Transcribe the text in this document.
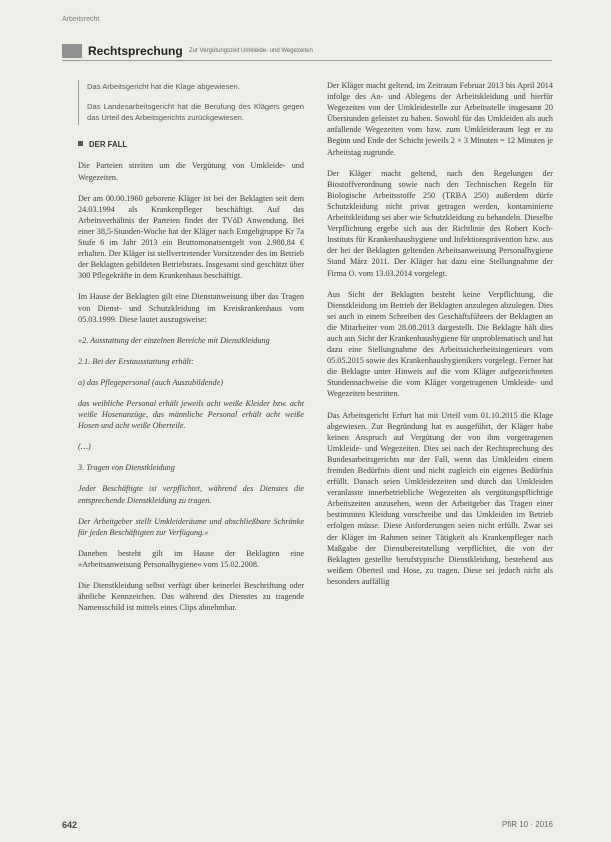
Arbeitsrecht
Rechtsprechung Zur Vergütungszeit Umkleide- und Wegezeiten

Das Arbeitsgericht hat die Klage abgewiesen.

Das Landesarbeitsgericht hat die Berufung des Klägers gegen das Urteil des Arbeitsgerichts zurückgewiesen.

DER FALL

Die Parteien streiten um die Vergütung von Umkleide- und Wegezeiten.

Der am 00.00.1960 geborene Kläger ist bei der Beklagten seit dem 24.03.1994 als Krankenpfleger beschäftigt. Auf das Arbeitsverhältnis der Parteien findet der TVöD Anwendung. Bei einer 38,5-Stunden-Woche hat der Kläger nach Entgeltgruppe Kr 7a Stufe 6 im Jahr 2013 ein Bruttomonatsentgelt von 2.980,84 € erhalten. Der Kläger ist stellvertretender Vorsitzender des im Betrieb der Beklagten gebildeten Betriebsrats. Insgesamt sind geschätzt über 300 Pflegekräfte in dem Krankenhaus beschäftigt.

Im Hause der Beklagten gilt eine Dienstanweisung über das Tragen von Dienst- und Schutzkleidung im Kreiskrankenhaus vom 05.03.1999. Diese lautet auszugsweise:

»2. Ausstattung der einzelnen Bereiche mit Dienstkleidung

2.1. Bei der Erstausstattung erhält:

a) das Pflegepersonal (auch Auszubildende)

das weibliche Personal erhält jeweils acht weiße Kleider bzw. acht weiße Hosenanzüge, das männliche Personal erhält acht weiße Hosen und acht weiße Oberteile.

(…)

3. Tragen von Dienstkleidung

Jeder Beschäftigte ist verpflichtet, während des Dienstes die entsprechende Dienstkleidung zu tragen.

Der Arbeitgeber stellt Umkleideräume und abschließbare Schränke für jeden Beschäftigten zur Verfügung.«

Daneben besteht gilt im Hause der Beklagten eine »Arbeitsanweisung Personalhygiene« vom 15.02.2008.

Die Dienstkleidung selbst verfügt über keinerlei Beschriftung oder ähnliche Kennzeichen. Das während des Dienstes zu tragende Namensschild ist mittels eines Clips abnehmbar.

Der Kläger macht geltend, im Zeitraum Februar 2013 bis April 2014 infolge des An- und Ablegens der Arbeitskleidung und hierfür Wegezeiten von der Umkleidestelle zur Arbeitsstelle insgesamt 20 Überstunden geleistet zu haben. Sowohl für das Umkleiden als auch anfallende Wegezeiten vom bzw. zum Umkleideraum legt er zu Beginn und Ende der Schicht jeweils 2 × 3 Minuten = 12 Minuten je Arbeitstag zugrunde.

Der Kläger macht geltend, nach den Regelungen der Biostoffverordnung sowie nach den Technischen Regeln für Biologische Arbeitsstoffe 250 (TRBA 250) außerdem dürfe Schutzkleidung nicht privat getragen werden, kontaminierte Arbeitskleidung sei aber wie Schutzkleidung zu behandeln. Dieselbe Verpflichtung ergebe sich aus der Richtlinie des Robert Koch-Instituts für Krankenhaushygiene und Infektionsprävention bzw. aus der bei der Beklagten geltenden Arbeitsanweisung Personalhygiene Stand März 2011. Der Kläger hat dazu eine Stellungnahme der Firma O. vom 13.03.2014 vorgelegt.

Aus Sicht der Beklagten besteht keine Verpflichtung, die Dienstkleidung im Betrieb der Beklagten anzulegen abzulegen. Dies sei auch in einem Schreiben des Geschäftsführers der Beklagten an die Mitarbeiter vom 28.08.2013 dargestellt. Die Beklagte hält dies auch aus Sicht der Krankenhaushygiene für unproblematisch und hat dazu eine Stellungnahme des Arbeitssicherheitsingenieurs vom 05.05.2015 sowie des Krankenhaushygienikers vorgelegt. Ferner hat die Beklagte unter Hinweis auf die vom Kläger aufgezeichneten Stundennachweise die vom Kläger vorgetragenen Umkleide- und Wegezeiten bestritten.

Das Arbeitsgericht Erfurt hat mit Urteil vom 01.10.2015 die Klage abgewiesen. Zur Begründung hat es ausgeführt, der Kläger habe keinen Anspruch auf Vergütung der von ihm vorgetragenen Umkleide- und Wegezeiten. Dies sei nach der Rechtsprechung des Bundesarbeitsgerichts nur der Fall, wenn das Umkleiden einem fremden Bedürfnis dient und nicht zugleich ein eigenes Bedürfnis erfüllt. Danach seien Umkleidezeiten und durch das Umkleiden veranlasste innerbetriebliche Wegezeiten als vergütungspflichtige Arbeitszeiten anzusehen, wenn der Arbeitgeber das Tragen einer bestimmten Kleidung vorschreibe und das Umkleiden im Betrieb erfolgen müsse. Diese Anforderungen seien nicht erfüllt. Zwar sei der Kläger im Rahmen seiner Tätigkeit als Krankenpfleger nach Maßgabe der Dienstbereitstellung verpflichtet, die von der Beklagten gestellte berufstypische Dienstkleidung, bestehend aus weißem Oberteil und Hose, zu tragen. Diese sei jedoch nicht als besonders auffällig

642	PfiR 10 · 2016
